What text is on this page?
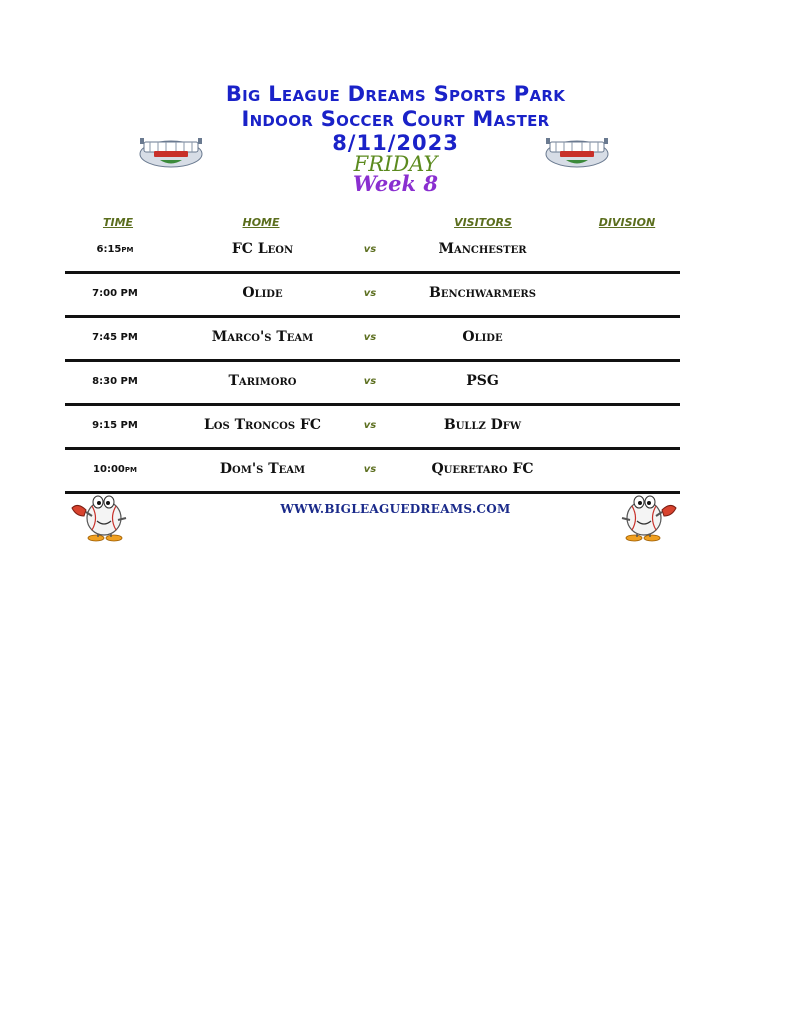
Big League Dreams Sports Park
Indoor Soccer Court Master
8/11/2023
FRIDAY
Week 8
TIME	HOME	VISITORS	DIVISION
6:15pm	FC Leon	vs	Manchester
7:00 PM	Olide	vs	Benchwarmers
7:45 PM	Marco's Team	vs	Olide
8:30 PM	Tarimoro	vs	PSG
9:15 PM	Los Troncos FC	vs	Bullz Dfw
10:00pm	Dom's Team	vs	Queretaro FC
WWW.BIGLEAGUEDREAMS.COM
